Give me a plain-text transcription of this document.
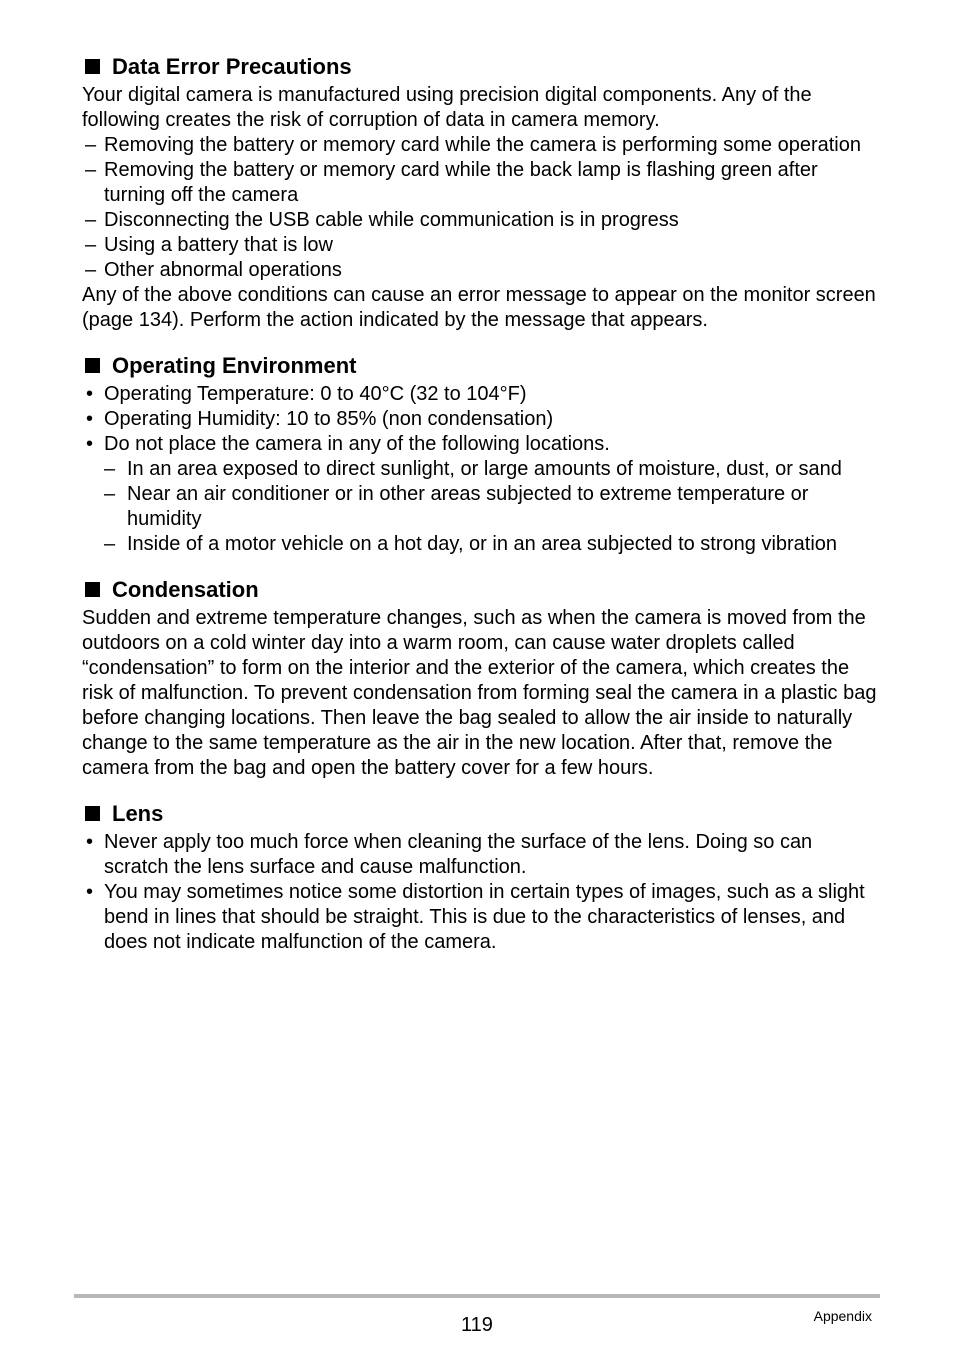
Data Error Precautions

Your digital camera is manufactured using precision digital components. Any of the following creates the risk of corruption of data in camera memory.

– Removing the battery or memory card while the camera is performing some operation
– Removing the battery or memory card while the back lamp is flashing green after turning off the camera
– Disconnecting the USB cable while communication is in progress
– Using a battery that is low
– Other abnormal operations

Any of the above conditions can cause an error message to appear on the monitor screen (page 134). Perform the action indicated by the message that appears.

Operating Environment
• Operating Temperature: 0 to 40°C (32 to 104°F)
• Operating Humidity: 10 to 85% (non condensation)
• Do not place the camera in any of the following locations.
– In an area exposed to direct sunlight, or large amounts of moisture, dust, or sand
– Near an air conditioner or in other areas subjected to extreme temperature or humidity
– Inside of a motor vehicle on a hot day, or in an area subjected to strong vibration
Condensation

Sudden and extreme temperature changes, such as when the camera is moved from the outdoors on a cold winter day into a warm room, can cause water droplets called “condensation” to form on the interior and the exterior of the camera, which creates the risk of malfunction. To prevent condensation from forming seal the camera in a plastic bag before changing locations. Then leave the bag sealed to allow the air inside to naturally change to the same temperature as the air in the new location. After that, remove the camera from the bag and open the battery cover for a few hours.

Lens
• Never apply too much force when cleaning the surface of the lens. Doing so can scratch the lens surface and cause malfunction.
• You may sometimes notice some distortion in certain types of images, such as a slight bend in lines that should be straight. This is due to the characteristics of lenses, and does not indicate malfunction of the camera.
119	Appendix
